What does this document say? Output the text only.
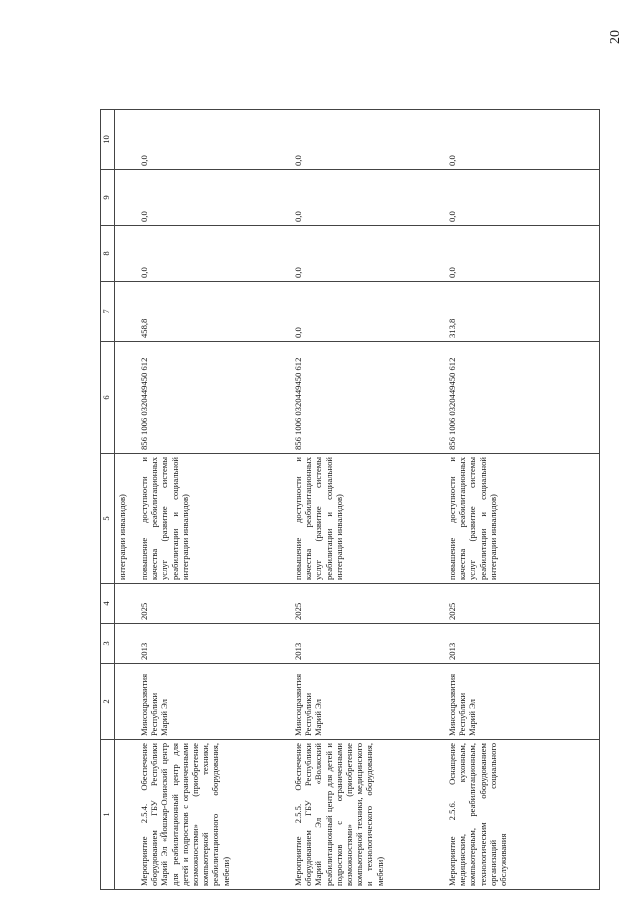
20
1	2	3	4	5	6	7	8	9	10
				интеграции инвалидов)					
Мероприятие 2.5.4. Обеспечение оборудованием ГБУ Республики Марий Эл «Йошкар-Олинский центр для реабилитационный центр для детей и подростков с ограниченными возможностями» (приобретение компьютерной техники, реабилитационного оборудования, мебели)	Минсоцразвития Республики Марий Эл	2013	2025	повышение доступности и качества реабилитационных услуг (развитие системы реабилитации и социальной интеграции инвалидов)	856 1006 0320449450 612	458,8	0,0	0,0	0,0
Мероприятие 2.5.5. Обеспечение оборудованием ГБУ Республики Марий Эл «Волжский реабилитационный центр для детей и подростков с ограниченными возможностями» (приобретение компьютерной техники, медицинского и технологического оборудования, мебели)	Минсоцразвития Республики Марий Эл	2013	2025	повышение доступности и качества реабилитационных услуг (развитие системы реабилитации и социальной интеграции инвалидов)	856 1006 0320449450 612	0,0	0,0	0,0	0,0
Мероприятие 2.5.6. Оснащение медицинским, кухонным, компьютерным, реабилитационным, технологическим оборудованием организаций социального обслуживания	Минсоцразвития Республики Марий Эл	2013	2025	повышение доступности и качества реабилитационных услуг (развитие системы реабилитации и социальной интеграции инвалидов)	856 1006 0320449450 612	313,8	0,0	0,0	0,0
